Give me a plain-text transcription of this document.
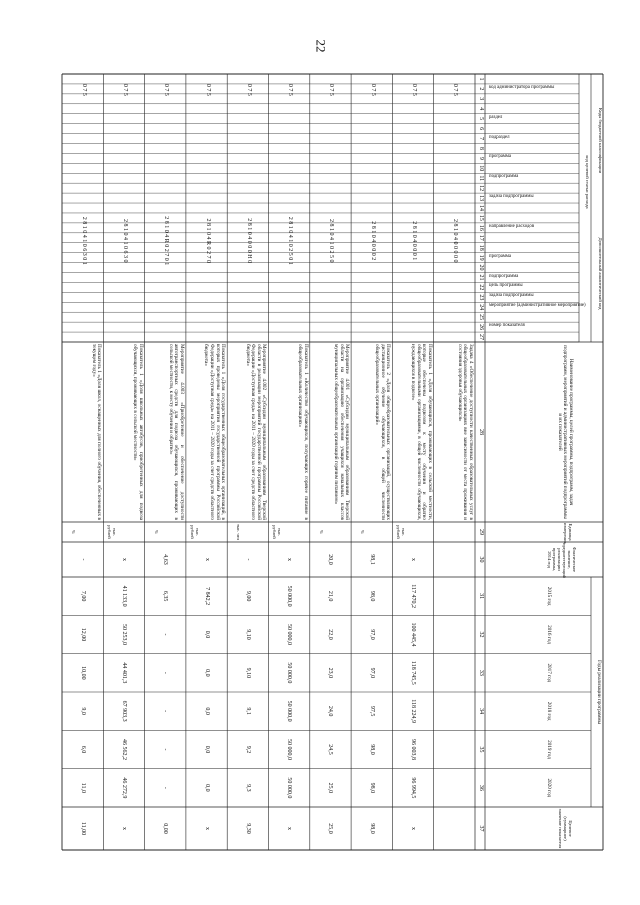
22
Коды бюджетной классификации
Дополнительный аналитический код
код целевой статьи расхода
код администратора программы
раздел
подраздел
программа
подпрограмма
задача подпрограммы
направление расходов
программа
подпрограмма
цель программы
задача подпрограммы
мероприятие (административное мероприятие)
номер показателя
Наименование программы, целей программы, подпрограмм, задач подпрограмм, мероприятий и административных мероприятий подпрограммы и их показателей
Единица измерения
Фактическое значение, предшествующий реализации программы, 2014 год
Годы реализации программы
2015 год
2016 год
2017 год
2018 год
2019 год
2020 год
Целевое (суммарное) значение показателя
1
2
3
4
5
6
7
8
9
10
11
12
13
14
15
16
17
18
19
20
21
22
23
24
25
26
27
28
29
30
31
32
33
34
35
36
37
0 7 5
2 8 1 0 4 0 0 0 0 0
Задача 4 «Обеспечение доступности качественных образовательных услуг в общеобразовательных организациях вне зависимости от места проживания и состояния здоровья обучающихся»
0 7 5
2 8 1 0 4 0 0 0 1
Показатель 1 «Доля обучающихся, проживающих в сельской местности, которые обеспечены подвозом к месту обучения и обратно общеобразовательными организациями, в общей численности обучающихся, нуждающихся в подвозе»
тыс. рублей
х
117 470,2
100 445,4
118 745,5
118 224,9
96 003,8
96 994,5
х
0 7 5
2 8 1 0 4 0 0 0 2
Показатель 2 «Доля общеобразовательных организаций, осуществляющих дистанционное обучение обучающихся, в общей численности общеобразовательных организаций»
%
98,1
98,0
97,0
97,0
97,5
98,0
98,0
98,0
0 7 5
2 8 1 0 4 1 0 2 5 0
Мероприятие 4.001 «Субсидии муниципальным образованиям Тверской области на организацию обеспечения учащихся начальных классов муниципальных общеобразовательных организаций горячим питанием»
%
20,0
21,0
22,0
23,0
24,0
24,5
25,0
25,0
0 7 5
2 8 1 0 4 1 0 2 5 0 1
Показатель 1 «Количество обучающихся, получающих горячее питание в общеобразовательных организациях»
тыс. рублей
х
50 000,0
50 000,0
50 000,0
50 000,0
50 000,0
50 000,0
х
0 7 5
2 8 1 0 4 0 0 0 Н 0
Мероприятие 4.002 «Субсидии муниципальным образованиям Тверской области в реализации мероприятий государственной программы Российской Федерации «Доступная среда» на 2011 – 2020 годы за счет средств областного бюджета»
тыс. чел
-
9,00
9,10
9,10
9,1
9,2
9,3
9,30
0 7 5
2 8 1 0 4 R 0 2 7 0
Показатель 1 «Доля государственных общеобразовательных организаций, в которых проведены мероприятия государственной программы Российской Федерации «Доступная среда» на 2011 – 2020 годы за счет средств областного бюджета»
тыс. рублей
х
7 842,2
0,0
0,0
0,0
0,0
0,0
х
0 7 5
2 8 1 0 4 R 0 2 7 0 1
Мероприятие 4.003 «Приобретение и обеспечение доступности автотранспортных средств для подвоза обучающихся, проживающих в сельской местности, к месту обучения и обратно»
%
4,63
6,35
-
-
-
-
-
0,00
0 7 5
2 8 1 0 4 1 0 6 3 0
Показатель 1 «Доля школьных автобусов, приобретенных для подвоза обучающихся, проживающих в сельской местности»
тыс. рублей
х
41 133,0
50 253,0
44 401,3
67 903,3
46 562,2
46 272,9
х
0 7 5
2 8 1 0 4 1 0 6 3 0 1
Показатель 1 «Доля школ, оснащенных для полного обучения, обеспеченных в текущем году»
%
-
7,00
12,00
10,00
9,0
6,0
11,0
11,00
